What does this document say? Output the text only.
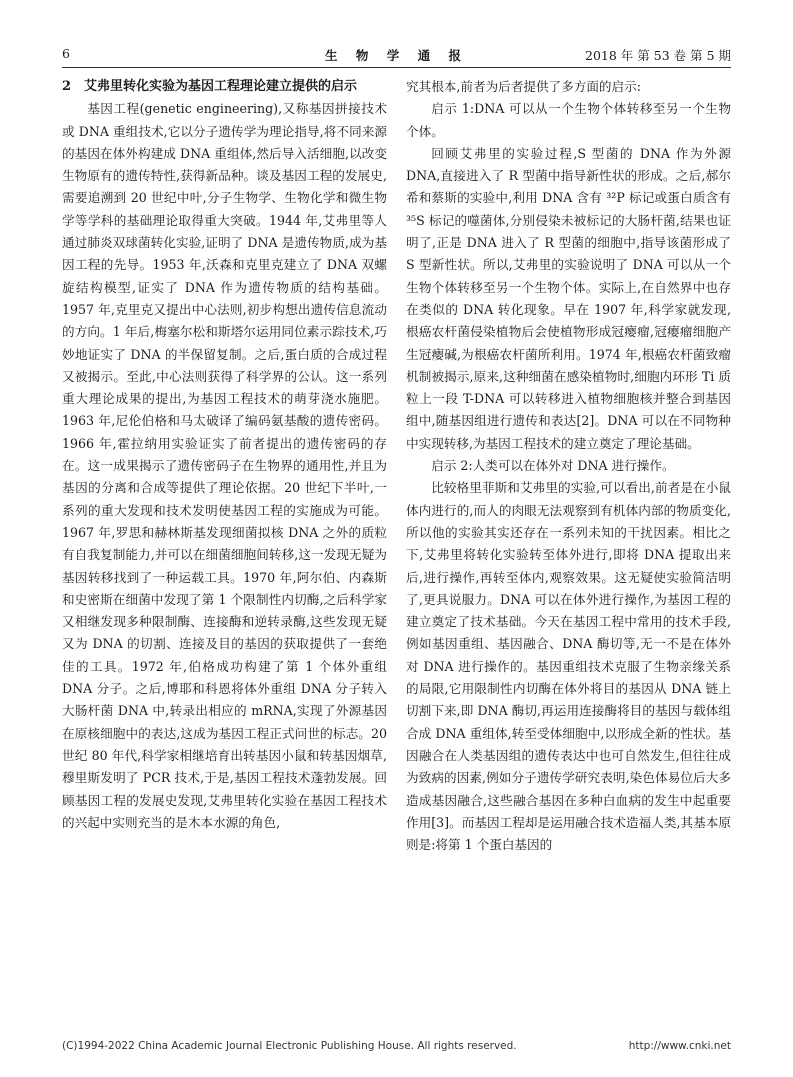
6	生 物 学 通 报	2018 年 第 53 卷 第 5 期
2　艾弗里转化实验为基因工程理论建立提供的启示

基因工程(genetic engineering),又称基因拼接技术或 DNA 重组技术,它以分子遗传学为理论指导,将不同来源的基因在体外构建成 DNA 重组体,然后导入活细胞,以改变生物原有的遗传特性,获得新品种。谈及基因工程的发展史,需要追溯到 20 世纪中叶,分子生物学、生物化学和微生物学等学科的基础理论取得重大突破。1944 年,艾弗里等人通过肺炎双球菌转化实验,证明了 DNA 是遗传物质,成为基因工程的先导。1953 年,沃森和克里克建立了 DNA 双螺旋结构模型,证实了 DNA 作为遗传物质的结构基础。1957 年,克里克又提出中心法则,初步构想出遗传信息流动的方向。1 年后,梅塞尔松和斯塔尔运用同位素示踪技术,巧妙地证实了 DNA 的半保留复制。之后,蛋白质的合成过程又被揭示。至此,中心法则获得了科学界的公认。这一系列重大理论成果的提出,为基因工程技术的萌芽浇水施肥。1963 年,尼伦伯格和马太破译了编码氨基酸的遗传密码。1966 年,霍拉纳用实验证实了前者提出的遗传密码的存在。这一成果揭示了遗传密码子在生物界的通用性,并且为基因的分离和合成等提供了理论依据。20 世纪下半叶,一系列的重大发现和技术发明使基因工程的实施成为可能。1967 年,罗思和赫林斯基发现细菌拟核 DNA 之外的质粒有自我复制能力,并可以在细菌细胞间转移,这一发现无疑为基因转移找到了一种运载工具。1970 年,阿尔伯、内森斯和史密斯在细菌中发现了第 1 个限制性内切酶,之后科学家又相继发现多种限制酶、连接酶和逆转录酶,这些发现无疑又为 DNA 的切割、连接及目的基因的获取提供了一套绝佳的工具。1972 年,伯格成功构建了第 1 个体外重组 DNA 分子。之后,博耶和科恩将体外重组 DNA 分子转入大肠杆菌 DNA 中,转录出相应的 mRNA,实现了外源基因在原核细胞中的表达,这成为基因工程正式问世的标志。20 世纪 80 年代,科学家相继培育出转基因小鼠和转基因烟草,穆里斯发明了 PCR 技术,于是,基因工程技术蓬勃发展。回顾基因工程的发展史发现,艾弗里转化实验在基因工程技术的兴起中实则充当的是木本水源的角色,

究其根本,前者为后者提供了多方面的启示:

启示 1:DNA 可以从一个生物个体转移至另一个生物个体。

回顾艾弗里的实验过程,S 型菌的 DNA 作为外源 DNA,直接进入了 R 型菌中指导新性状的形成。之后,郝尔希和蔡斯的实验中,利用 DNA 含有 ³²P 标记或蛋白质含有 ³⁵S 标记的噬菌体,分别侵染未被标记的大肠杆菌,结果也证明了,正是 DNA 进入了 R 型菌的细胞中,指导该菌形成了 S 型新性状。所以,艾弗里的实验说明了 DNA 可以从一个生物个体转移至另一个生物个体。实际上,在自然界中也存在类似的 DNA 转化现象。早在 1907 年,科学家就发现,根癌农杆菌侵染植物后会使植物形成冠瘿瘤,冠瘿瘤细胞产生冠瘿碱,为根癌农杆菌所利用。1974 年,根癌农杆菌致瘤机制被揭示,原来,这种细菌在感染植物时,细胞内环形 Ti 质粒上一段 T-DNA 可以转移进入植物细胞核并整合到基因组中,随基因组进行遗传和表达[2]。DNA 可以在不同物种中实现转移,为基因工程技术的建立奠定了理论基础。

启示 2:人类可以在体外对 DNA 进行操作。

比较格里菲斯和艾弗里的实验,可以看出,前者是在小鼠体内进行的,而人的肉眼无法观察到有机体内部的物质变化,所以他的实验其实还存在一系列未知的干扰因素。相比之下,艾弗里将转化实验转至体外进行,即将 DNA 提取出来后,进行操作,再转至体内,观察效果。这无疑使实验简洁明了,更具说服力。DNA 可以在体外进行操作,为基因工程的建立奠定了技术基础。今天在基因工程中常用的技术手段,例如基因重组、基因融合、DNA 酶切等,无一不是在体外对 DNA 进行操作的。基因重组技术克服了生物亲缘关系的局限,它用限制性内切酶在体外将目的基因从 DNA 链上切割下来,即 DNA 酶切,再运用连接酶将目的基因与载体组合成 DNA 重组体,转至受体细胞中,以形成全新的性状。基因融合在人类基因组的遗传表达中也可自然发生,但往往成为致病的因素,例如分子遗传学研究表明,染色体易位后大多造成基因融合,这些融合基因在多种白血病的发生中起重要作用[3]。而基因工程却是运用融合技术造福人类,其基本原则是:将第 1 个蛋白基因的

(C)1994-2022 China Academic Journal Electronic Publishing House. All rights reserved.	http://www.cnki.net
